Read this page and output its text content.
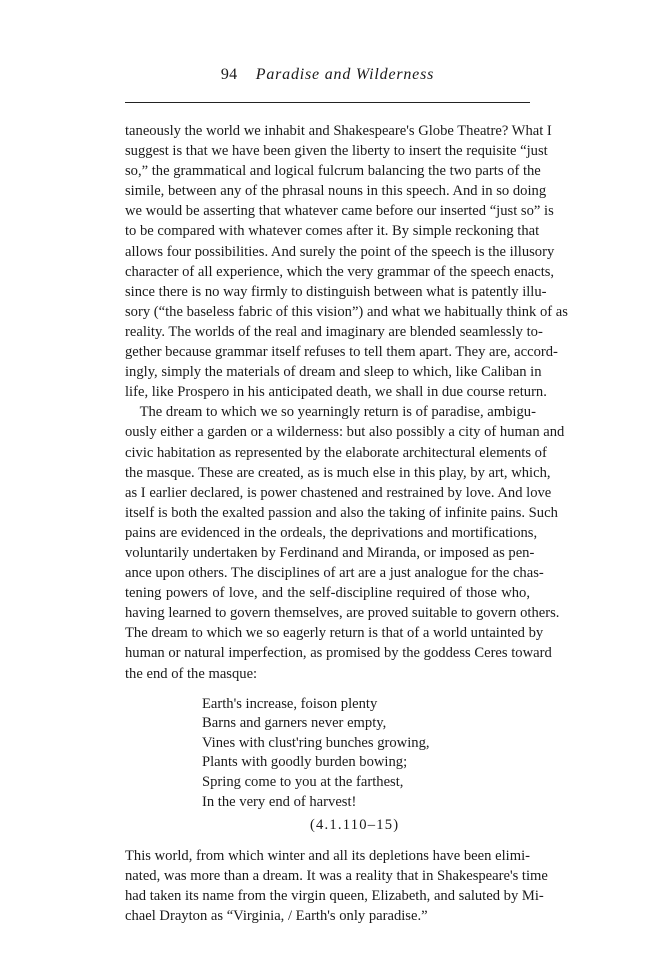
94 Paradise and Wilderness
taneously the world we inhabit and Shakespeare's Globe Theatre? What I
suggest is that we have been given the liberty to insert the requisite “just
so,” the grammatical and logical fulcrum balancing the two parts of the
simile, between any of the phrasal nouns in this speech. And in so doing
we would be asserting that whatever came before our inserted “just so” is
to be compared with whatever comes after it. By simple reckoning that
allows four possibilities. And surely the point of the speech is the illusory
character of all experience, which the very grammar of the speech enacts,
since there is no way firmly to distinguish between what is patently illu-
sory (“the baseless fabric of this vision”) and what we habitually think of as
reality. The worlds of the real and imaginary are blended seamlessly to-
gether because grammar itself refuses to tell them apart. They are, accord-
ingly, simply the materials of dream and sleep to which, like Caliban in
life, like Prospero in his anticipated death, we shall in due course return.
 The dream to which we so yearningly return is of paradise, ambigu-
ously either a garden or a wilderness: but also possibly a city of human and
civic habitation as represented by the elaborate architectural elements of
the masque. These are created, as is much else in this play, by art, which,
as I earlier declared, is power chastened and restrained by love. And love
itself is both the exalted passion and also the taking of infinite pains. Such
pains are evidenced in the ordeals, the deprivations and mortifications,
voluntarily undertaken by Ferdinand and Miranda, or imposed as pen-
ance upon others. The disciplines of art are a just analogue for the chas-
tening powers of love, and the self-discipline required of those who,
having learned to govern themselves, are proved suitable to govern others.
The dream to which we so eagerly return is that of a world untainted by
human or natural imperfection, as promised by the goddess Ceres toward
the end of the masque:
Earth's increase, foison plenty
Barns and garners never empty,
Vines with clust'ring bunches growing,
Plants with goodly burden bowing;
Spring come to you at the farthest,
In the very end of harvest!
(4.1.110–15)
This world, from which winter and all its depletions have been elimi-
nated, was more than a dream. It was a reality that in Shakespeare's time
had taken its name from the virgin queen, Elizabeth, and saluted by Mi-
chael Drayton as “Virginia, / Earth's only paradise.”
